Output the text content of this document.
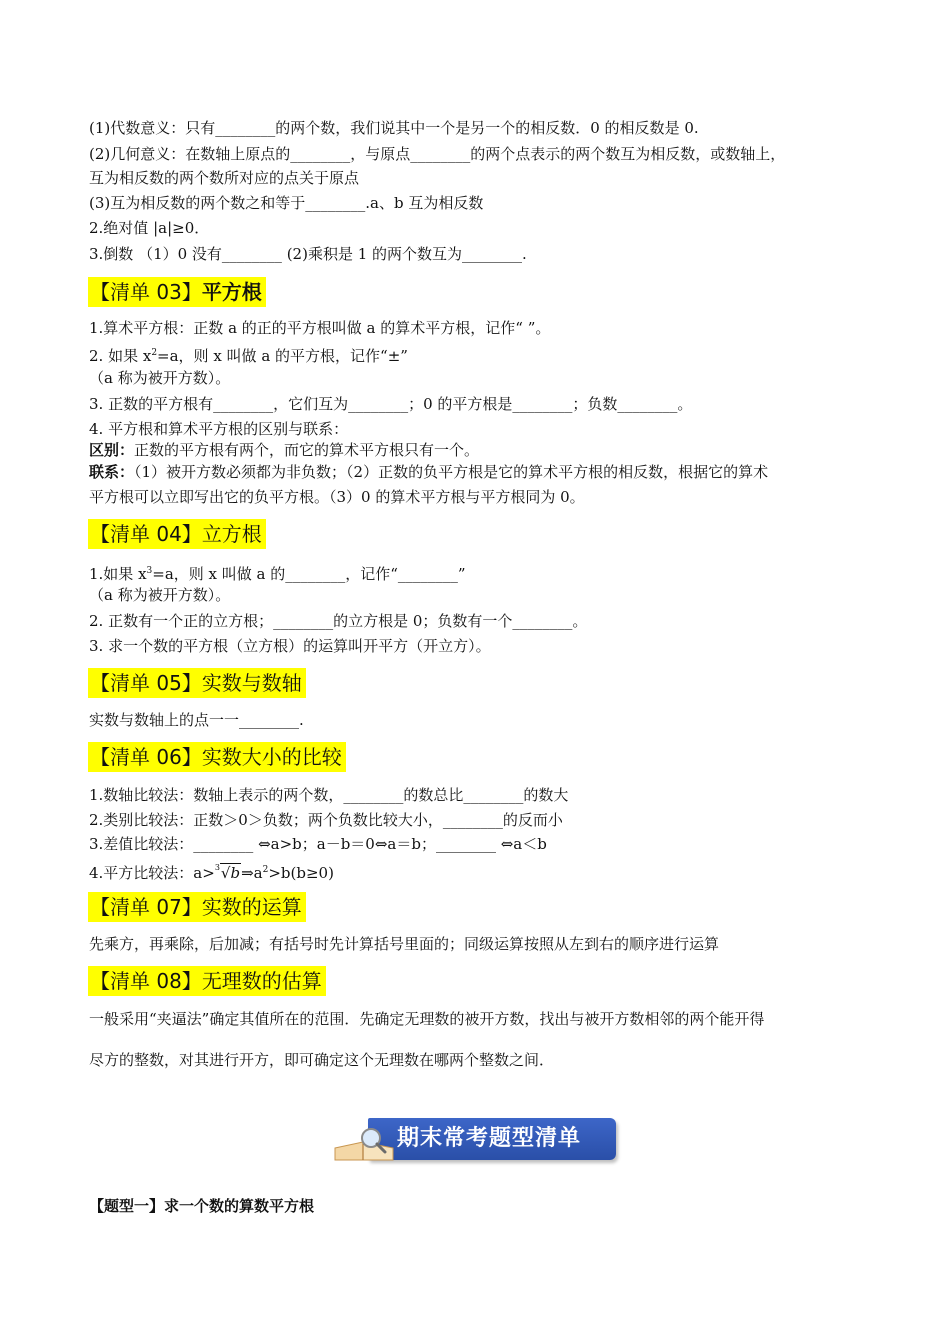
(1)代数意义：只有________的两个数，我们说其中一个是另一个的相反数．0 的相反数是 0.
(2)几何意义：在数轴上原点的________，与原点________的两个点表示的两个数互为相反数，或数轴上，
互为相反数的两个数所对应的点关于原点
(3)互为相反数的两个数之和等于________.a、b 互为相反数
2.绝对值 |a|≥0．
3.倒数 （1）0 没有________ (2)乘积是 1 的两个数互为________.
【清单 03】平方根
1.算术平方根：正数 a 的正的平方根叫做 a 的算术平方根，记作“ ”。
2. 如果 $x^2=a$，则 x 叫做 a 的平方根，记作“±”
（a 称为被开方数）。
3. 正数的平方根有________，它们互为________；0 的平方根是________；负数________。
4. 平方根和算术平方根的区别与联系：
区别：正数的平方根有两个，而它的算术平方根只有一个。
联系：（1）被开方数必须都为非负数；（2）正数的负平方根是它的算术平方根的相反数，根据它的算术
平方根可以立即写出它的负平方根。（3）0 的算术平方根与平方根同为 0。
【清单 04】立方根
1.如果 $x^3=a$，则 x 叫做 a 的________，记作“________”
（a 称为被开方数）。
2. 正数有一个正的立方根；________的立方根是 0；负数有一个________。
3. 求一个数的平方根（立方根）的运算叫开平方（开立方）。
【清单 05】实数与数轴
实数与数轴上的点一一________.
【清单 06】实数大小的比较
1.数轴比较法：数轴上表示的两个数，________的数总比________的数大
2.类别比较法：正数＞0＞负数；两个负数比较大小，________的反而小
3.差值比较法：________ ⇔a>b；a－b＝0⇔a＝b；________ ⇔a＜b
4.平方比较法：$a>^3√b\Rightarrow a^2>b(b\ge 0)$
【清单 07】实数的运算
先乘方，再乘除，后加减；有括号时先计算括号里面的；同级运算按照从左到右的顺序进行运算
【清单 08】无理数的估算
一般采用“夹逼法”确定其值所在的范围．先确定无理数的被开方数，找出与被开方数相邻的两个能开得
尽方的整数，对其进行开方，即可确定这个无理数在哪两个整数之间．
期末常考题型清单
【题型一】求一个数的算数平方根
